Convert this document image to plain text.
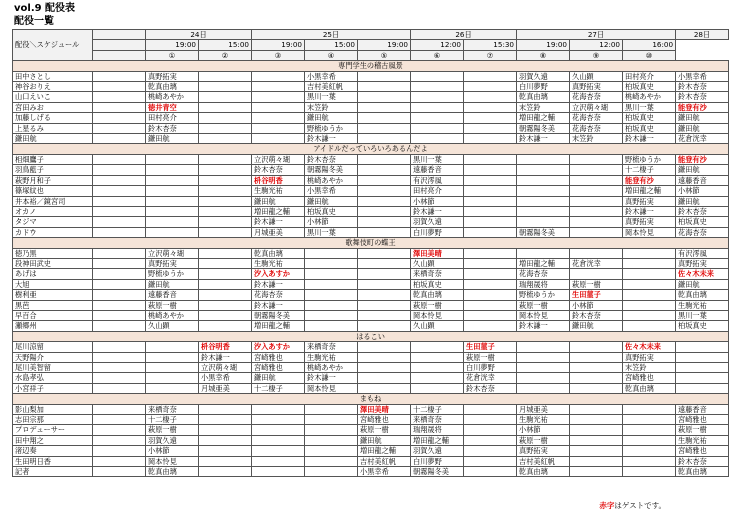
vol.9 配役表
配役一覧
配役＼スケジュール		24日		25日			26日		27日			28日
		19:00	15:00	19:00	15:00	19:00	12:00	15:30	19:00	12:00	16:00	
		①	②	③	④	⑤	⑥	⑦	⑧	⑨	⑩	
専門学生の稽古風景												
田中さとし		真野拓実			小黒幸希				羽賀久遠	久山顕	田村亮介	小黒幸希
神谷おりえ		乾真由璃			吉村美紅帆				白川夢野	真野拓実	柏坂真史	鈴木杏奈
山口えいこ		桃崎あやか			黒川一葉				乾真由璃	花海杏奈	桃崎あやか	鈴木杏奈
宮田みお		徳井青空			末笠鈴				末笠鈴	立沢萌々瑚	黒川一葉	能登有沙
加藤しげる		田村亮介			鎌田航				増田龍之輔	花海杏奈	柏坂真史	鎌田航
上星るみ		鈴木杏奈			野梳ゆうか				朝霧陽冬美	花海杏奈	柏坂真史	鎌田航
鎌田航		鎌田航			鈴木謙一				鈴木謙一	末笠鈴	鈴木謙一	花倉洸幸
アイドルだっていろいろあるんだよ												
相畑鷹子				立沢萌々瑚	鈴木杏奈		黒川一葉				野梳ゆうか	能登有沙
羽鳥藍子				鈴木杏奈	朝霧陽冬美		遠藤香音				十二棲子	鎌田航
萩野月和子				枡谷明香	桃崎あやか		有沢澪風				能登有沙	遠藤香音
篠塚紋也				生駒光祐	小黒幸希		田村亮介				増田龍之輔	小林節
井本裕／鏡宮司				鎌田航	鎌田航		小林節				真野拓実	鎌田航
オカノ				増田龍之輔	柏坂真史		鈴木謙一				鈴木謙一	鈴木杏奈
タジマ				鈴木謙一	小林節		羽賀久遠				真野拓実	柏坂真史
カドウ				月城亜美	黒川一葉		白川夢野		朝霧陽冬美		岡本怜見	花海杏奈
歌舞伎町の蝶王												
徳乃黒		立沢萌々瑚		乾真由璃			澤田美晴					有沢澪風
段神田武史		真野拓実		生駒光祐			久山顕		増田龍之輔	花倉洸幸		真野拓実
あげは		野梳ゆうか		汐入あすか			来栖奇奈		花海杏奈			佐々木未来
大旭		鎌田航		鈴木謙一			柏坂真史		瑞翔晟将	萩原一樹		鎌田航
樹利亜		遠藤香音		花海杏奈			乾真由璃		野梳ゆうか	生田菫子		乾真由璃
黒芭		萩原一樹		鈴木謙一			萩原一樹		萩原一樹	小林節		生駒光祐
早百合		桃崎あやか		朝霧陽冬美			岡本怜見		岡本怜見	鈴木杏奈		黒川一葉
瀬郷州		久山顕		増田龍之輔			久山顕		鈴木謙一	鎌田航		柏坂真史
はるこい												
尾川涼留			枡谷明香	汐入あすか	来栖奇奈			生田菫子			佐々木未来	
天野陽介			鈴木謙一	宮崎雅也	生駒光祐			萩原一樹			真野拓実	
尾川美智留			立沢萌々瑚	宮崎雅也	桃崎あやか			白川夢野			末笠鈴	
水島孝弘			小黒幸希	鎌田航	鈴木謙一			花倉洸幸			宮崎雅也	
小宮祥子			月城亜美	十二棲子	岡本怜見			鈴木杏奈			乾真由璃	
まもね												
影山梨加		来栖奇奈				澤田美晴	十二棲子		月城亜美			遠藤香音
志田宗那		十二棲子				宮崎雅也	来栖奇奈		生駒光祐			宮崎雅也
プロデューサー		萩原一樹				萩原一樹	瑞翔晟将		小林節			萩原一樹
田中翔之		羽賀久遠				鎌田航	増田龍之輔		萩原一樹			生駒光祐
渚辺奏		小林節				増田龍之輔	羽賀久遠		真野拓実			宮崎雅也
生田明日香		岡本怜見				吉村美紅帆	白川夢野		吉村美紅帆			鈴木杏奈
記者		乾真由璃				小黒幸希	朝霧陽冬美		乾真由璃			乾真由璃
赤字はゲストです。
